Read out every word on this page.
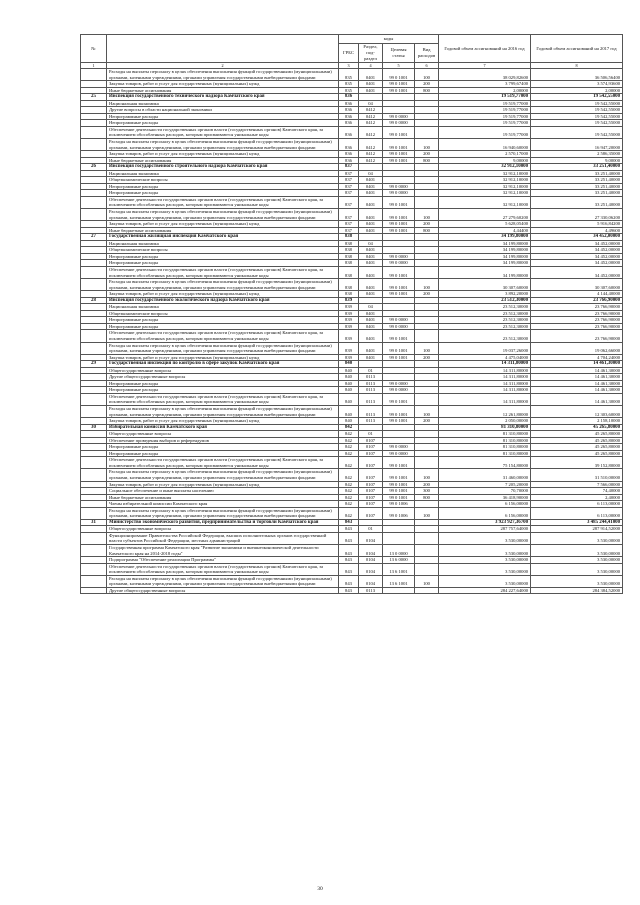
№		коды				Годовой объем ассигнований на 2016 год	Годовой объем ассигнований на 2017 год
		ГРБС	Раздел, под-раздел	Целевая статья	Вид расходов		
1	2	3	4	5	6	7	8
	Расходы на выплаты персоналу в целях обеспечения выполнения функций государственными (муниципальными) органами, казенными учреждениями, органами управления государственными внебюджетными фондами	835	0401	99 0 1001	100	38 029,82600	36 506,56400
	Закупка товаров, работ и услуг для государственных (муниципальных) нужд	835	0401	99 0 1001	200	3 799,67400	3 574,93600
	Иные бюджетные ассигнования	835	0401	99 0 1001	800	2,00000	2,00000
25	Инспекция государственного технического надзора Камчатского края	836				19 519,77000	19 542,55000
	Национальная экономика	836	04			19 519,77000	19 542,55000
	Другие вопросы в области национальной экономики	836	0412			19 519,77000	19 542,55000
	Непрограммные расходы	836	0412	99 0 0000		19 519,77000	19 542,55000
	Непрограммные расходы	836	0412	99 0 0000		19 519,77000	19 542,55000
	Обеспечение деятельности государственных органов власти (государственных органов) Камчатского края, за исключением обособленных расходов, которым присваиваются уникальные коды	836	0412	99 0 1001		19 519,77000	19 542,55000
	Расходы на выплаты персоналу в целях обеспечения выполнения функций государственными (муниципальными) органами, казенными учреждениями, органами управления государственными внебюджетными фондами	836	0412	99 0 1001	100	16 940,60000	16 947,20000
	Закупка товаров, работ и услуг для государственных (муниципальных) нужд	836	0412	99 0 1001	200	2 570,17000	2 586,35000
	Иные бюджетные ассигнования	836	0412	99 0 1001	800	9,00000	9,00000
26	Инспекция государственного строительного надзора Камчатского края	837				32 912,10000	33 251,40000
	Национальная экономика	837	04			32 912,10000	33 251,40000
	Общеэкономические вопросы	837	0401			32 912,10000	33 251,40000
	Непрограммные расходы	837	0401	99 0 0000		32 912,10000	33 251,40000
	Непрограммные расходы	837	0401	99 0 0000		32 912,10000	33 251,40000
	Обеспечение деятельности государственных органов власти (государственных органов) Камчатского края, за исключением обособленных расходов, которым присваиваются уникальные коды	837	0401	99 0 1001		32 912,10000	33 251,40000
	Расходы на выплаты персоналу в целях обеспечения выполнения функций государственными (муниципальными) органами, казенными учреждениями, органами управления государственными внебюджетными фондами	837	0401	99 0 1001	100	27 279,60200	27 330,06200
	Закупка товаров, работ и услуг для государственных (муниципальных) нужд	837	0401	99 0 1001	200	5 628,05400	5 916,84200
	Иные бюджетные ассигнования	837	0401	99 0 1001	800	4,44400	4,49600
27	Государственная жилищная инспекция Камчатского края	838				34 199,80000	34 452,00000
	Национальная экономика	838	04			34 199,80000	34 452,00000
	Общеэкономические вопросы	838	0401			34 199,80000	34 452,00000
	Непрограммные расходы	838	0401	99 0 0000		34 199,80000	34 452,00000
	Непрограммные расходы	838	0401	99 0 0000		34 199,80000	34 452,00000
	Обеспечение деятельности государственных органов власти (государственных органов) Камчатского края, за исключением обособленных расходов, которым присваиваются уникальные коды	838	0401	99 0 1001		34 199,80000	34 452,00000
	Расходы на выплаты персоналу в целях обеспечения выполнения функций государственными (муниципальными) органами, казенными учреждениями, органами управления государственными внебюджетными фондами	838	0401	99 0 1001	100	30 307,60000	30 307,60000
	Закупка товаров, работ и услуг для государственных (муниципальных) нужд	838	0401	99 0 1001	200	3 892,20000	4 144,40000
28	Инспекция государственного экологического надзора Камчатского края	839				23 512,30000	23 766,90000
	Национальная экономика	839	04			23 512,30000	23 766,90000
	Общеэкономические вопросы	839	0401			23 512,30000	23 766,90000
	Непрограммные расходы	839	0401	99 0 0000		23 512,30000	23 766,90000
	Непрограммные расходы	839	0401	99 0 0000		23 512,30000	23 766,90000
	Обеспечение деятельности государственных органов власти (государственных органов) Камчатского края, за исключением обособленных расходов, которым присваиваются уникальные коды	839	0401	99 0 1001		23 512,30000	23 766,90000
	Расходы на выплаты персоналу в целях обеспечения выполнения функций государственными (муниципальными) органами, казенными учреждениями, органами управления государственными внебюджетными фондами	839	0401	99 0 1001	100	19 037,26000	19 062,66000
	Закупка товаров, работ и услуг для государственных (муниципальных) нужд	839	0401	99 0 1001	200	4 475,04000	4 704,24000
29	Государственная инспекция по контролю в сфере закупок Камчатского края	840				14 311,80000	14 461,30000
	Общегосударственные вопросы	840	01			14 311,80000	14 461,30000
	Другие общегосударственные вопросы	840	0113			14 311,80000	14 461,30000
	Непрограммные расходы	840	0113	99 0 0000		14 311,80000	14 461,30000
	Непрограммные расходы	840	0113	99 0 0000		14 311,80000	14 461,30000
	Обеспечение деятельности государственных органов власти (государственных органов) Камчатского края, за исключением обособленных расходов, которым присваиваются уникальные коды	840	0113	99 0 1001		14 311,80000	14 461,30000
	Расходы на выплаты персоналу в целях обеспечения выполнения функций государственными (муниципальными) органами, казенными учреждениями, органами управления государственными внебюджетными фондами	840	0113	99 0 1001	100	12 261,80000	12 303,60000
	Закупка товаров, работ и услуг для государственных (муниципальных) нужд	840	0113	99 0 1001	200	2 050,00000	2 158,10000
30	Избирательная комиссия Камчатского края	842				81 310,80000	45 265,80000
	Общегосударственные вопросы	842	01			81 310,80000	45 265,80000
	Обеспечение проведения выборов и референдумов	842	0107			81 310,80000	45 265,80000
	Непрограммные расходы	842	0107	99 0 0000		81 310,80000	45 265,80000
	Непрограммные расходы	842	0107	99 0 0000		81 310,80000	45 265,80000
	Обеспечение деятельности государственных органов власти (государственных органов) Камчатского края, за исключением обособленных расходов, которым присваиваются уникальные коды	842	0107	99 0 1001		75 154,80000	39 152,80000
	Расходы на выплаты персоналу в целях обеспечения выполнения функций государственными (муниципальными) органами, казенными учреждениями, органами управления государственными внебюджетными фондами	842	0107	99 0 1001	100	31 460,00000	31 510,00000
	Закупка товаров, работ и услуг для государственных (муниципальных) нужд	842	0107	99 0 1001	200	7 205,20000	7 566,00000
	Социальное обеспечение и иные выплаты населению	842	0107	99 0 1001	300	70,70000	74,40000
	Иные бюджетные ассигнования	842	0107	99 0 1001	800	36 418,90000	2,40000
	Члены избирательной комиссии Камчатского края	842	0107	99 0 1006		6 156,00000	6 113,00000
	Расходы на выплаты персоналу в целях обеспечения выполнения функций государственными (муниципальными) органами, казенными учреждениями, органами управления государственными внебюджетными фондами	842	0107	99 0 1006	100	6 156,00000	6 113,00000
31	Министерство экономического развития, предпринимательства и торговли Камчатского края	843				3 923 927,36700	3 485 244,41000
	Общегосударственные вопросы	843	01			287 757,64000	287 914,52000
	Функционирование Правительства Российской Федерации, высших исполнительных органов государственной власти субъектов Российской Федерации, местных администраций	843	0104			3 530,00000	3 530,00000
	Государственная программа Камчатского края "Развитие экономики и внешнеэкономической деятельности Камчатского края на 2014-2018 годы"	843	0104	13 0 0000		3 530,00000	3 530,00000
	Подпрограмма "Обеспечение реализации Программы"	843	0104	13 6 0000		3 530,00000	3 530,00000
	Обеспечение деятельности государственных органов власти (государственных органов) Камчатского края, за исключением обособленных расходов, которым присваиваются уникальные коды	843	0104	13 6 1001		3 530,00000	3 530,00000
	Расходы на выплаты персоналу в целях обеспечения выполнения функций государственными (муниципальными) органами, казенными учреждениями, органами управления государственными внебюджетными фондами	843	0104	13 6 1001	100	3 530,00000	3 530,00000
	Другие общегосударственные вопросы	843	0113			284 227,64000	284 384,52000
30
